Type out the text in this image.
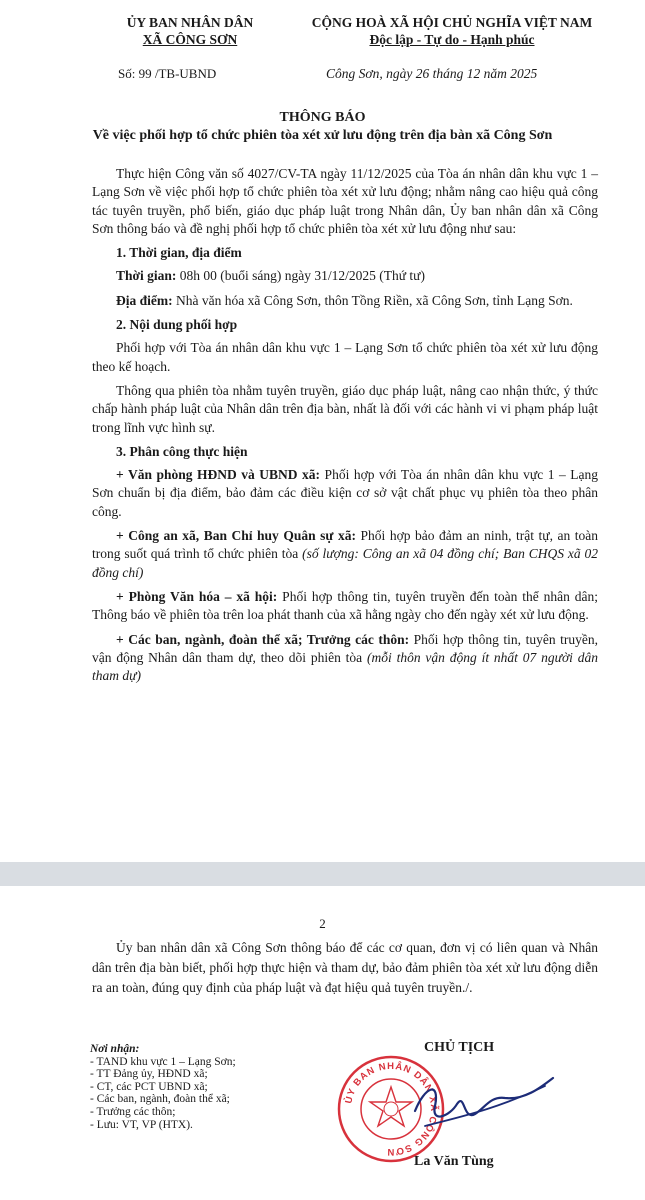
ỦY BAN NHÂN DÂN
XÃ CÔNG SƠN
CỘNG HOÀ XÃ HỘI CHỦ NGHĨA VIỆT NAM
Độc lập - Tự do - Hạnh phúc
Số: 99 /TB-UBND	Công Sơn, ngày 26 tháng 12 năm 2025
THÔNG BÁO
Về việc phối hợp tổ chức phiên tòa xét xử lưu động trên địa bàn xã Công Sơn

Thực hiện Công văn số 4027/CV-TA ngày 11/12/2025 của Tòa án nhân dân khu vực 1 – Lạng Sơn về việc phối hợp tổ chức phiên tòa xét xử lưu động; nhằm nâng cao hiệu quả công tác tuyên truyền, phổ biến, giáo dục pháp luật trong Nhân dân, Ủy ban nhân dân xã Công Sơn thông báo và đề nghị phối hợp tổ chức phiên tòa xét xử lưu động như sau:

1. Thời gian, địa điểm

Thời gian: 08h 00 (buổi sáng) ngày 31/12/2025 (Thứ tư)

Địa điểm: Nhà văn hóa xã Công Sơn, thôn Tồng Riền, xã Công Sơn, tỉnh Lạng Sơn.

2. Nội dung phối hợp

Phối hợp với Tòa án nhân dân khu vực 1 – Lạng Sơn tổ chức phiên tòa xét xử lưu động theo kế hoạch.

Thông qua phiên tòa nhằm tuyên truyền, giáo dục pháp luật, nâng cao nhận thức, ý thức chấp hành pháp luật của Nhân dân trên địa bàn, nhất là đối với các hành vi vi phạm pháp luật trong lĩnh vực hình sự.

3. Phân công thực hiện

+ Văn phòng HĐND và UBND xã: Phối hợp với Tòa án nhân dân khu vực 1 – Lạng Sơn chuẩn bị địa điểm, bảo đảm các điều kiện cơ sở vật chất phục vụ phiên tòa theo phân công.

+ Công an xã, Ban Chỉ huy Quân sự xã: Phối hợp bảo đảm an ninh, trật tự, an toàn trong suốt quá trình tổ chức phiên tòa (số lượng: Công an xã 04 đồng chí; Ban CHQS xã 02 đồng chí)

+ Phòng Văn hóa – xã hội: Phối hợp thông tin, tuyên truyền đến toàn thể nhân dân; Thông báo về phiên tòa trên loa phát thanh của xã hằng ngày cho đến ngày xét xử lưu động.

+ Các ban, ngành, đoàn thể xã; Trưởng các thôn: Phối hợp thông tin, tuyên truyền, vận động Nhân dân tham dự, theo dõi phiên tòa (mỗi thôn vận động ít nhất 07 người dân tham dự)

2

Ủy ban nhân dân xã Công Sơn thông báo để các cơ quan, đơn vị có liên quan và Nhân dân trên địa bàn biết, phối hợp thực hiện và tham dự, bảo đảm phiên tòa xét xử lưu động diễn ra an toàn, đúng quy định của pháp luật và đạt hiệu quả tuyên truyền./.

Nơi nhận:
- TAND khu vực 1 – Lạng Sơn;
- TT Đảng ủy, HĐND xã;
- CT, các PCT UBND xã;
- Các ban, ngành, đoàn thể xã;
- Trưởng các thôn;
- Lưu: VT, VP (HTX).
CHỦ TỊCH
ỦY BAN NHÂN DÂN XÃ CÔNG SƠN
La Văn Tùng
